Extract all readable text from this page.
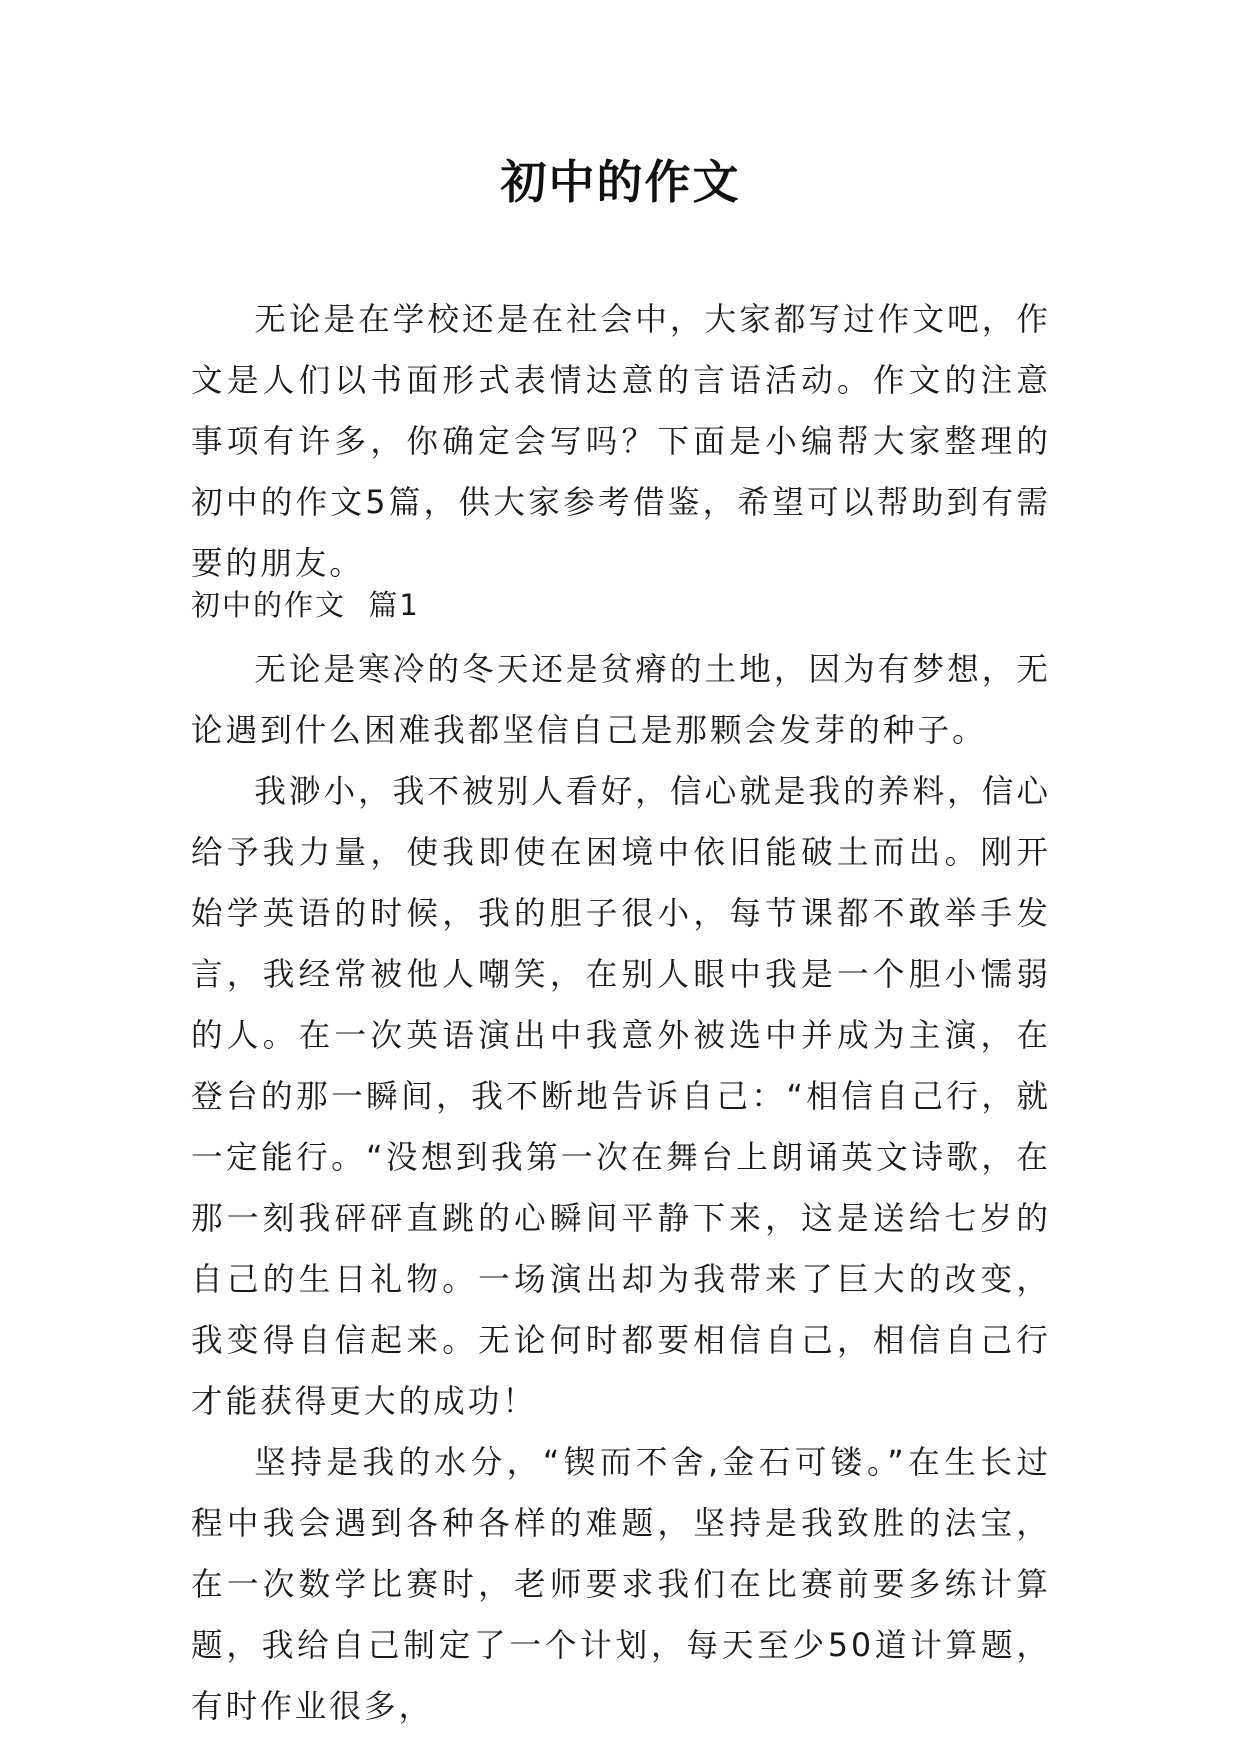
初中的作文

无论是在学校还是在社会中，大家都写过作文吧，作文是人们以书面形式表情达意的言语活动。作文的注意事项有许多，你确定会写吗？下面是小编帮大家整理的初中的作文5篇，供大家参考借鉴，希望可以帮助到有需要的朋友。

初中的作文  篇1

无论是寒冷的冬天还是贫瘠的土地，因为有梦想，无论遇到什么困难我都坚信自己是那颗会发芽的种子。

我渺小，我不被别人看好，信心就是我的养料，信心给予我力量，使我即使在困境中依旧能破土而出。刚开始学英语的时候，我的胆子很小，每节课都不敢举手发言，我经常被他人嘲笑，在别人眼中我是一个胆小懦弱的人。在一次英语演出中我意外被选中并成为主演，在登台的那一瞬间，我不断地告诉自己：“相信自己行，就一定能行。“没想到我第一次在舞台上朗诵英文诗歌，在那一刻我砰砰直跳的心瞬间平静下来，这是送给七岁的自己的生日礼物。一场演出却为我带来了巨大的改变，我变得自信起来。无论何时都要相信自己，相信自己行才能获得更大的成功！

坚持是我的水分，“锲而不舍,金石可镂。”在生长过程中我会遇到各种各样的难题，坚持是我致胜的法宝，在一次数学比赛时，老师要求我们在比赛前要多练计算题，我给自己制定了一个计划，每天至少50道计算题，有时作业很多，
